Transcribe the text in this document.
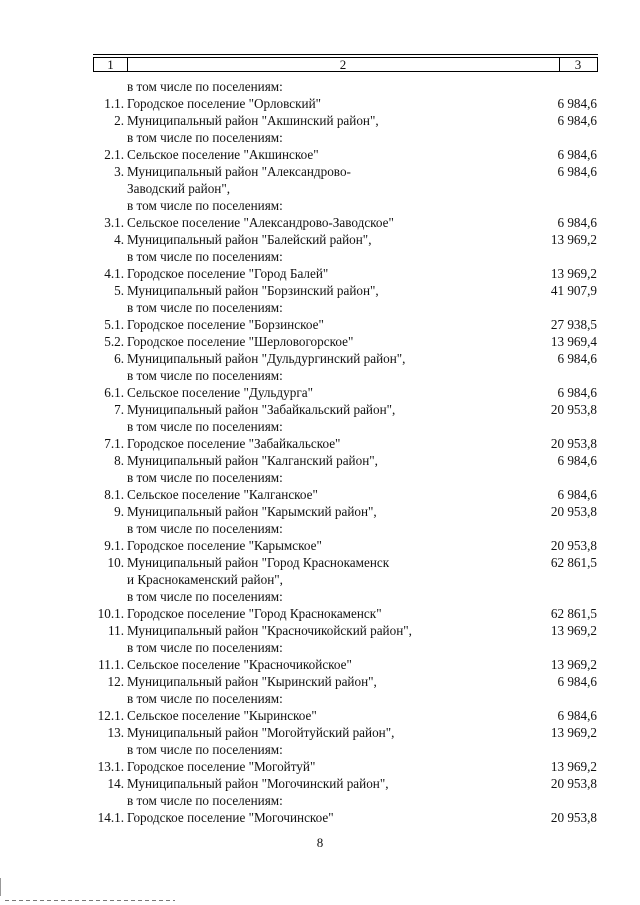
1	2	3
в том числе по поселениям:
1.1. Городское поселение "Орловский"	6 984,6
2. Муниципальный район "Акшинский район",	6 984,6
в том числе по поселениям:
2.1. Сельское поселение "Акшинское"	6 984,6
3. Муниципальный район "Александрово-	6 984,6
Заводский район",
в том числе по поселениям:
3.1. Сельское поселение "Александрово-Заводское"	6 984,6
4. Муниципальный район "Балейский район",	13 969,2
в том числе по поселениям:
4.1. Городское поселение "Город Балей"	13 969,2
5. Муниципальный район "Борзинский район",	41 907,9
в том числе по поселениям:
5.1. Городское поселение "Борзинское"	27 938,5
5.2. Городское поселение "Шерловогорское"	13 969,4
6. Муниципальный район "Дульдургинский район",	6 984,6
в том числе по поселениям:
6.1. Сельское поселение "Дульдурга"	6 984,6
7. Муниципальный район "Забайкальский район",	20 953,8
в том числе по поселениям:
7.1. Городское поселение "Забайкальское"	20 953,8
8. Муниципальный район "Калганский район",	6 984,6
в том числе по поселениям:
8.1. Сельское поселение "Калганское"	6 984,6
9. Муниципальный район "Карымский район",	20 953,8
в том числе по поселениям:
9.1. Городское поселение "Карымское"	20 953,8
10. Муниципальный район "Город Краснокаменск	62 861,5
и Краснокаменский район",
в том числе по поселениям:
10.1. Городское поселение "Город Краснокаменск"	62 861,5
11. Муниципальный район "Красночикойский район",	13 969,2
в том числе по поселениям:
11.1. Сельское поселение "Красночикойское"	13 969,2
12. Муниципальный район "Кыринский район",	6 984,6
в том числе по поселениям:
12.1. Сельское поселение "Кыринское"	6 984,6
13. Муниципальный район "Могойтуйский район",	13 969,2
в том числе по поселениям:
13.1. Городское поселение "Могойтуй"	13 969,2
14. Муниципальный район "Могочинский район",	20 953,8
в том числе по поселениям:
14.1. Городское поселение "Могочинское"	20 953,8
8
